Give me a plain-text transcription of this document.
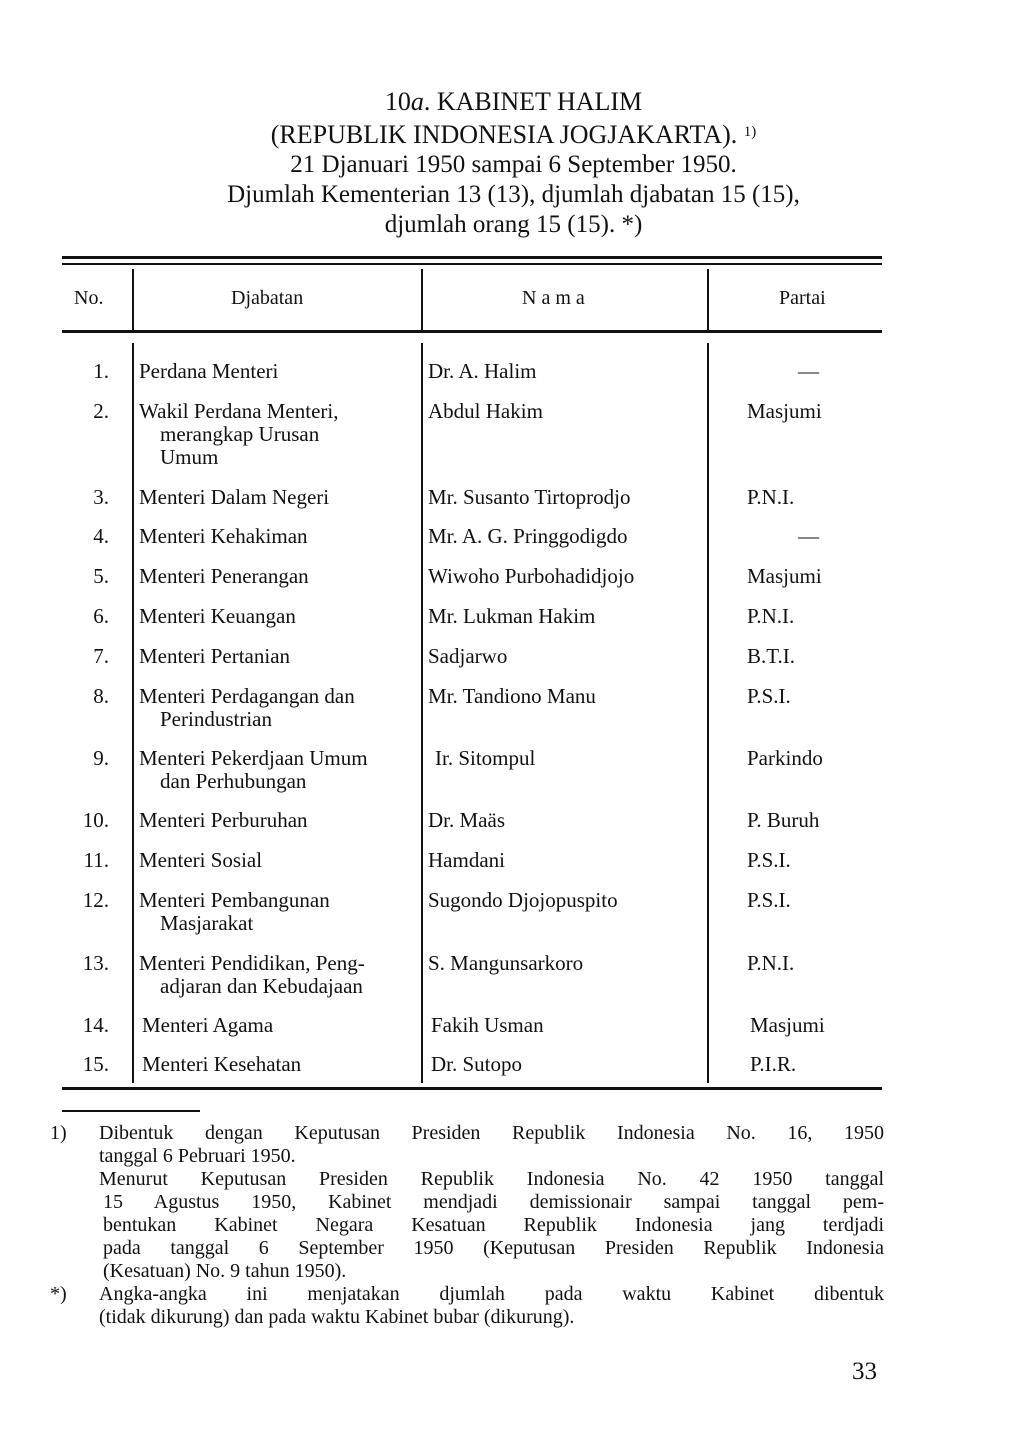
10a. KABINET HALIM
(REPUBLIK INDONESIA JOGJAKARTA). $^{1)}$
21 Djanuari 1950 sampai 6 September 1950.
Djumlah Kementerian 13 (13), djumlah djabatan 15 (15),
djumlah orang 15 (15). *)
No.	Djabatan	N a m a	Partai
1. Perdana Menteri	Dr. A. Halim	—
2. Wakil Perdana Menteri,
merangkap Urusan
Umum
Abdul Hakim	Masjumi
3. Menteri Dalam Negeri	Mr. Susanto Tirtoprodjo	P.N.I.
4. Menteri Kehakiman	Mr. A. G. Pringgodigdo	—
5. Menteri Penerangan	Wiwoho Purbohadidjojo	Masjumi
6. Menteri Keuangan	Mr. Lukman Hakim	P.N.I.
7. Menteri Pertanian	Sadjarwo	B.T.I.
8. Menteri Perdagangan dan
Perindustrian
Mr. Tandiono Manu	P.S.I.
9. Menteri Pekerdjaan Umum
dan Perhubungan
Ir. Sitompul	Parkindo
10. Menteri Perburuhan	Dr. Maäs	P. Buruh
11. Menteri Sosial	Hamdani	P.S.I.
12. Menteri Pembangunan
Masjarakat
Sugondo Djojopuspito	P.S.I.
13. Menteri Pendidikan, Peng-
adjaran dan Kebudajaan
S. Mangunsarkoro	P.N.I.
14. Menteri Agama	Fakih Usman	Masjumi
15. Menteri Kesehatan	Dr. Sutopo	P.I.R.
1) Dibentuk dengan Keputusan Presiden Republik Indonesia No. 16, 1950
tanggal 6 Pebruari 1950.
Menurut Keputusan Presiden Republik Indonesia No. 42 1950 tanggal
15 Agustus 1950, Kabinet mendjadi demissionair sampai tanggal pem-
bentukan Kabinet Negara Kesatuan Republik Indonesia jang terdjadi
pada tanggal 6 September 1950 (Keputusan Presiden Republik Indonesia
(Kesatuan) No. 9 tahun 1950).
*) Angka-angka ini menjatakan djumlah pada waktu Kabinet dibentuk
(tidak dikurung) dan pada waktu Kabinet bubar (dikurung).
33
